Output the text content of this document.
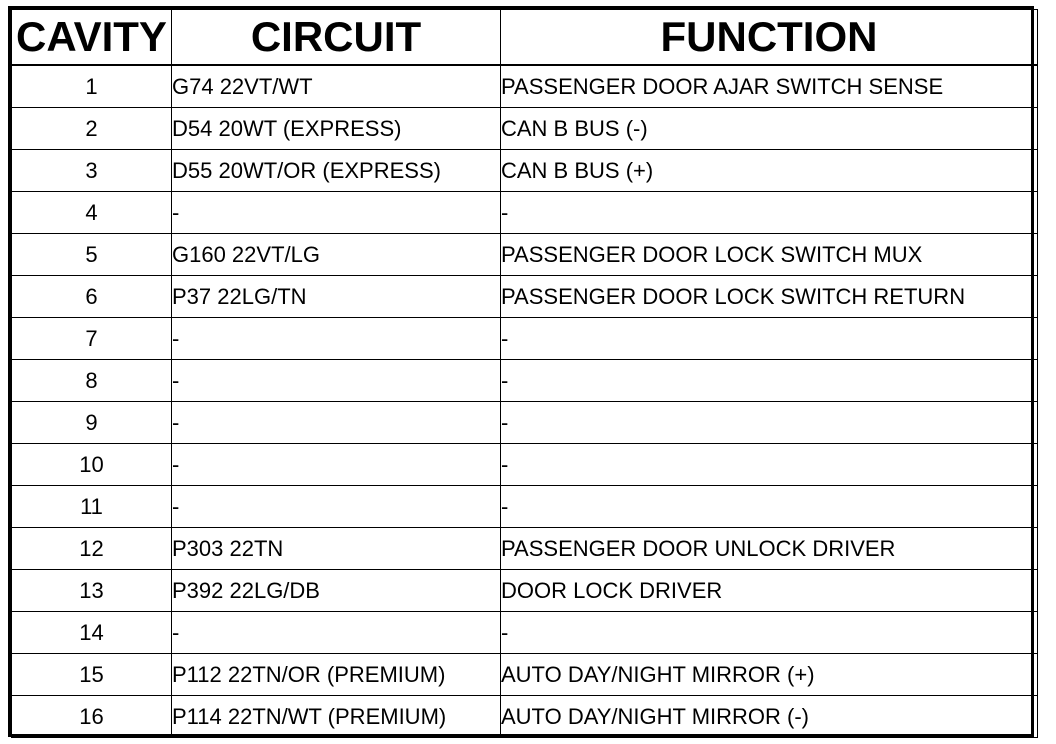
CAVITY	CIRCUIT	FUNCTION
1	G74 22VT/WT	PASSENGER DOOR AJAR SWITCH SENSE
2	D54 20WT (EXPRESS)	CAN B BUS (-)
3	D55 20WT/OR (EXPRESS)	CAN B BUS (+)
4	-	-
5	G160 22VT/LG	PASSENGER DOOR LOCK SWITCH MUX
6	P37 22LG/TN	PASSENGER DOOR LOCK SWITCH RETURN
7	-	-
8	-	-
9	-	-
10	-	-
11	-	-
12	P303 22TN	PASSENGER DOOR UNLOCK DRIVER
13	P392 22LG/DB	DOOR LOCK DRIVER
14	-	-
15	P112 22TN/OR (PREMIUM)	AUTO DAY/NIGHT MIRROR (+)
16	P114 22TN/WT (PREMIUM)	AUTO DAY/NIGHT MIRROR (-)
